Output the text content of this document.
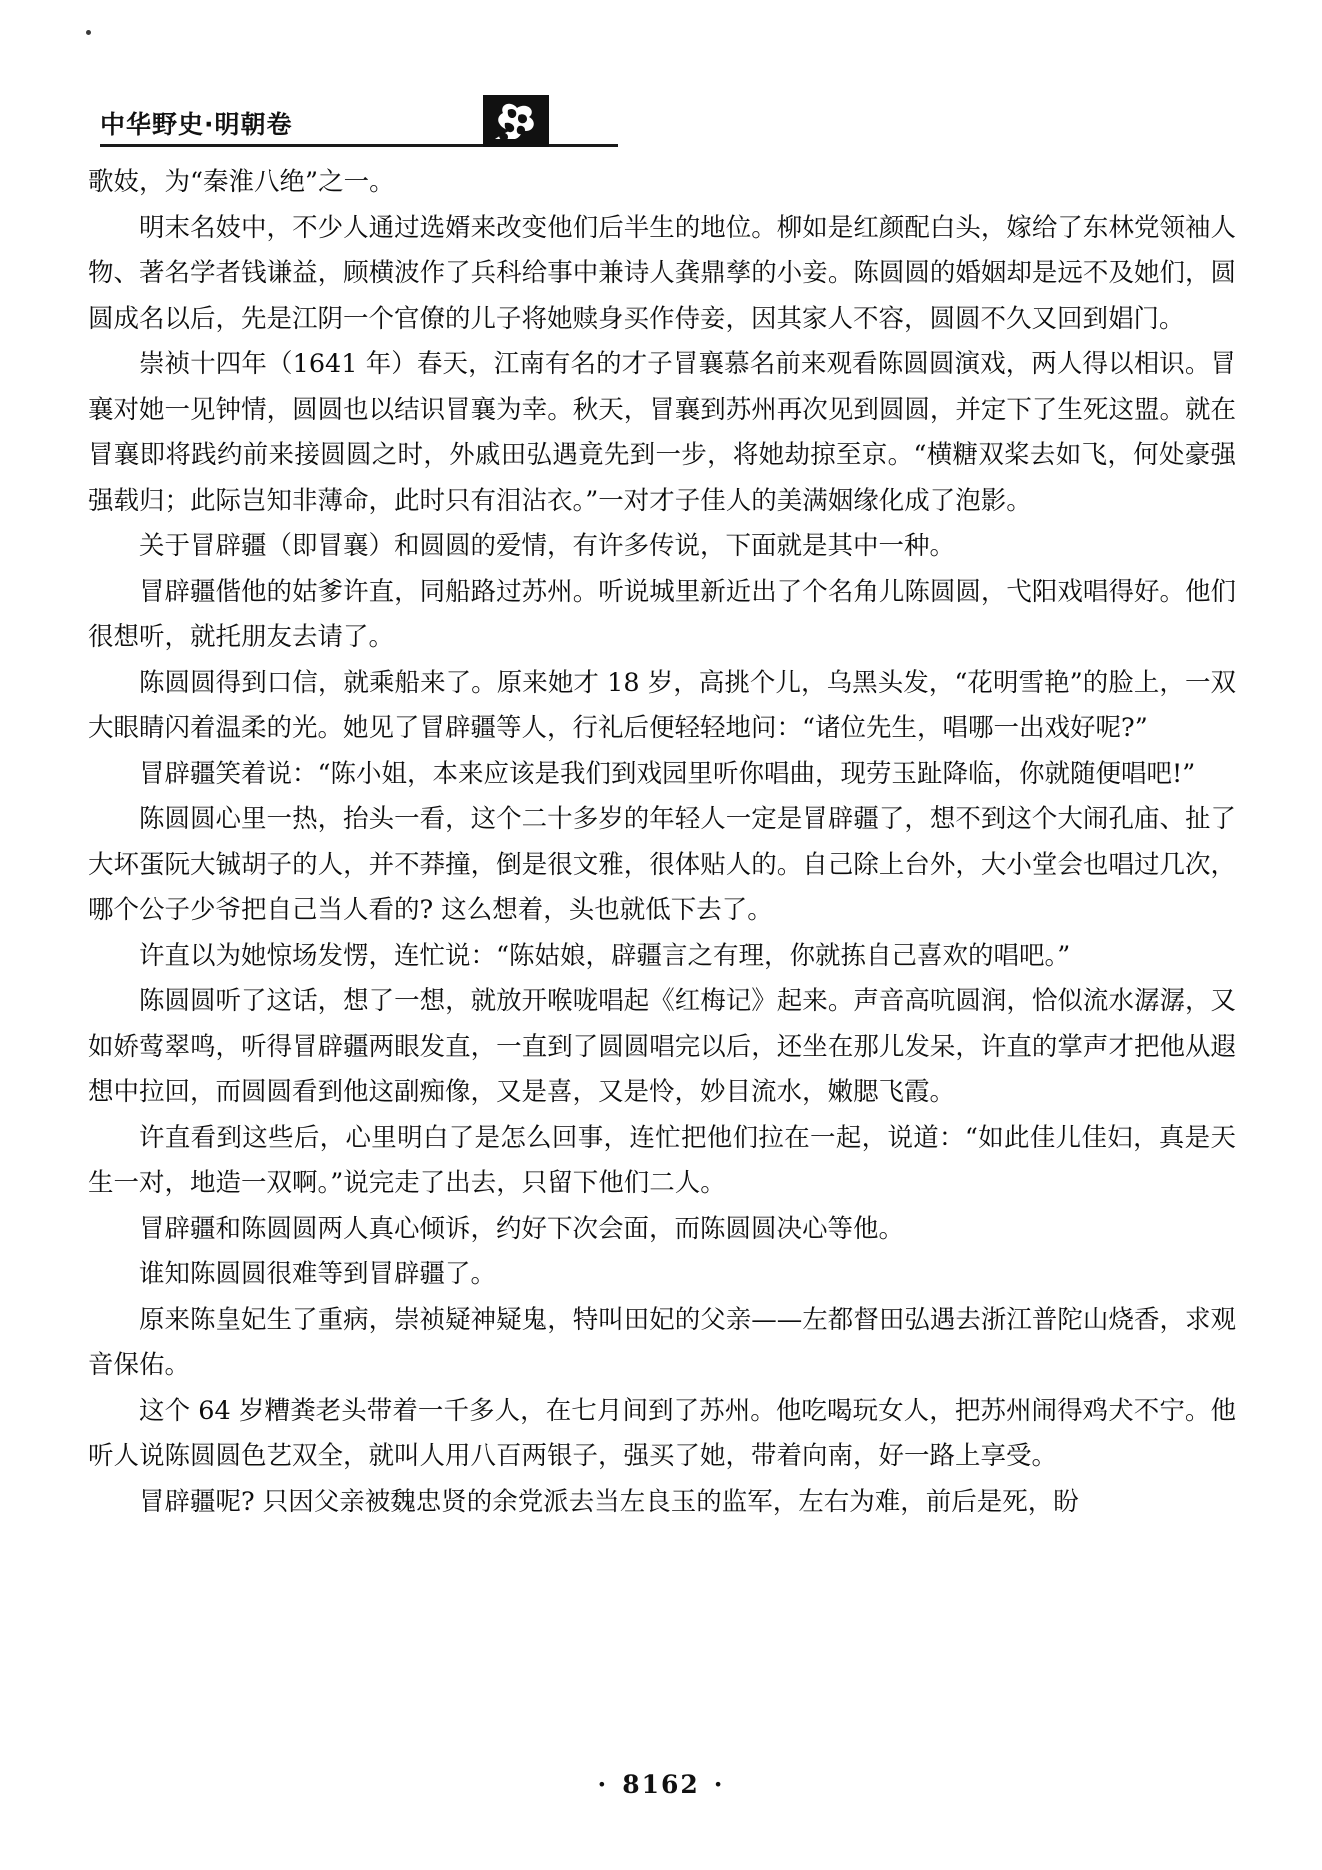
中华野史·明朝卷

歌妓，为“秦淮八绝”之一。

明末名妓中，不少人通过选婿来改变他们后半生的地位。柳如是红颜配白头，嫁给了东林党领袖人物、著名学者钱谦益，顾横波作了兵科给事中兼诗人龚鼎孳的小妾。陈圆圆的婚姻却是远不及她们，圆圆成名以后，先是江阴一个官僚的儿子将她赎身买作侍妾，因其家人不容，圆圆不久又回到娼门。

崇祯十四年（1641 年）春天，江南有名的才子冒襄慕名前来观看陈圆圆演戏，两人得以相识。冒襄对她一见钟情，圆圆也以结识冒襄为幸。秋天，冒襄到苏州再次见到圆圆，并定下了生死这盟。就在冒襄即将践约前来接圆圆之时，外戚田弘遇竟先到一步，将她劫掠至京。“横糖双桨去如飞，何处豪强强载归；此际岂知非薄命，此时只有泪沾衣。”一对才子佳人的美满姻缘化成了泡影。

关于冒辟疆（即冒襄）和圆圆的爱情，有许多传说，下面就是其中一种。

冒辟疆偕他的姑爹许直，同船路过苏州。听说城里新近出了个名角儿陈圆圆，弋阳戏唱得好。他们很想听，就托朋友去请了。

陈圆圆得到口信，就乘船来了。原来她才 18 岁，高挑个儿，乌黑头发，“花明雪艳”的脸上，一双大眼睛闪着温柔的光。她见了冒辟疆等人，行礼后便轻轻地问：“诸位先生，唱哪一出戏好呢?”

冒辟疆笑着说：“陈小姐，本来应该是我们到戏园里听你唱曲，现劳玉趾降临，你就随便唱吧!”

陈圆圆心里一热，抬头一看，这个二十多岁的年轻人一定是冒辟疆了，想不到这个大闹孔庙、扯了大坏蛋阮大铖胡子的人，并不莽撞，倒是很文雅，很体贴人的。自己除上台外，大小堂会也唱过几次，哪个公子少爷把自己当人看的? 这么想着，头也就低下去了。

许直以为她惊场发愣，连忙说：“陈姑娘，辟疆言之有理，你就拣自己喜欢的唱吧。”

陈圆圆听了这话，想了一想，就放开喉咙唱起《红梅记》起来。声音高吭圆润，恰似流水潺潺，又如娇莺翠鸣，听得冒辟疆两眼发直，一直到了圆圆唱完以后，还坐在那儿发呆，许直的掌声才把他从遐想中拉回，而圆圆看到他这副痴像，又是喜，又是怜，妙目流水，嫩腮飞霞。

许直看到这些后，心里明白了是怎么回事，连忙把他们拉在一起，说道：“如此佳儿佳妇，真是天生一对，地造一双啊。”说完走了出去，只留下他们二人。

冒辟疆和陈圆圆两人真心倾诉，约好下次会面，而陈圆圆决心等他。

谁知陈圆圆很难等到冒辟疆了。

原来陈皇妃生了重病，崇祯疑神疑鬼，特叫田妃的父亲——左都督田弘遇去浙江普陀山烧香，求观音保佑。

这个 64 岁糟粪老头带着一千多人，在七月间到了苏州。他吃喝玩女人，把苏州闹得鸡犬不宁。他听人说陈圆圆色艺双全，就叫人用八百两银子，强买了她，带着向南，好一路上享受。

冒辟疆呢? 只因父亲被魏忠贤的余党派去当左良玉的监军，左右为难，前后是死，盼

· 8162 ·
